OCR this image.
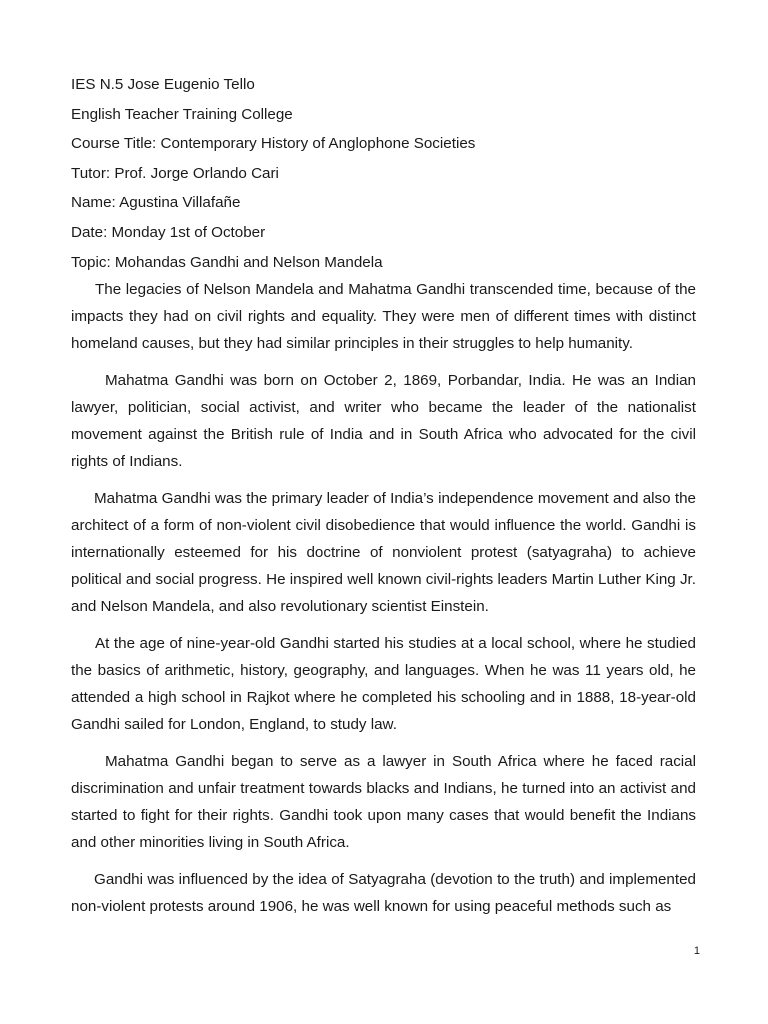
IES N.5 Jose Eugenio Tello
English Teacher Training College
Course Title: Contemporary History of Anglophone Societies
Tutor: Prof. Jorge Orlando Cari
Name: Agustina Villafañe
Date: Monday 1st of October
Topic: Mohandas Gandhi and Nelson Mandela

The legacies of Nelson Mandela and Mahatma Gandhi transcended time, because of the impacts they had on civil rights and equality. They were men of different times with distinct homeland causes, but they had similar principles in their struggles to help humanity.

Mahatma Gandhi was born on October 2, 1869, Porbandar, India. He was an Indian lawyer, politician, social activist, and writer who became the leader of the nationalist movement against the British rule of India and in South Africa who advocated for the civil rights of Indians.

Mahatma Gandhi was the primary leader of India’s independence movement and also the architect of a form of non-violent civil disobedience that would influence the world. Gandhi is internationally esteemed for his doctrine of nonviolent protest (satyagraha) to achieve political and social progress. He inspired well known civil-rights leaders Martin Luther King Jr. and Nelson Mandela, and also revolutionary scientist Einstein.

At the age of nine-year-old Gandhi started his studies at a local school, where he studied the basics of arithmetic, history, geography, and languages. When he was 11 years old, he attended a high school in Rajkot where he completed his schooling and in 1888, 18-year-old Gandhi sailed for London, England, to study law.

Mahatma Gandhi began to serve as a lawyer in South Africa where he faced racial discrimination and unfair treatment towards blacks and Indians, he turned into an activist and started to fight for their rights. Gandhi took upon many cases that would benefit the Indians and other minorities living in South Africa.

Gandhi was influenced by the idea of Satyagraha (devotion to the truth) and implemented non-violent protests around 1906, he was well known for using peaceful methods such as

1
